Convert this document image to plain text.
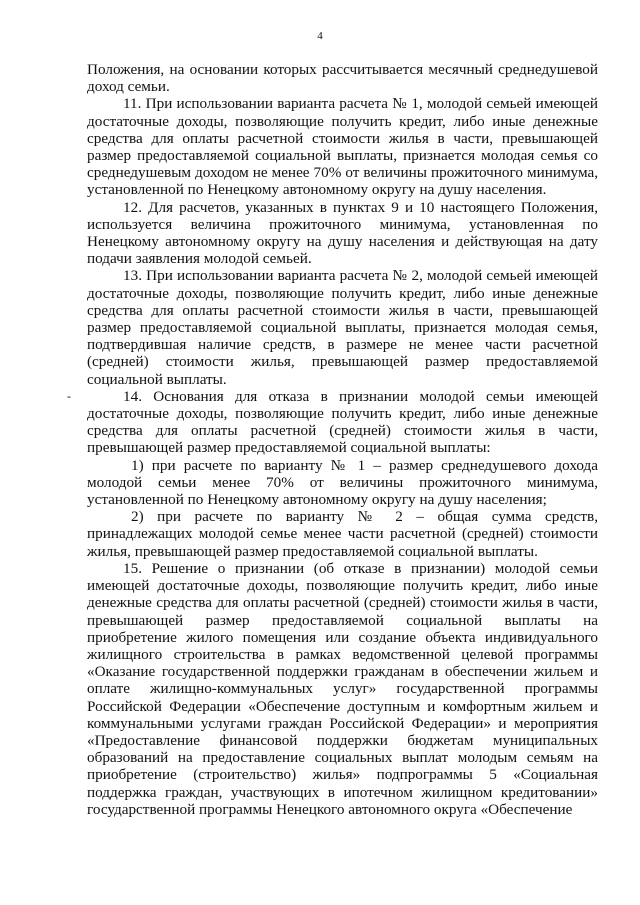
4

Положения, на основании которых рассчитывается месячный среднедушевой доход семьи.

11. При использовании варианта расчета № 1, молодой семьей имеющей достаточные доходы, позволяющие получить кредит, либо иные денежные средства для оплаты расчетной стоимости жилья в части, превышающей размер предоставляемой социальной выплаты, признается молодая семья со среднедушевым доходом не менее 70% от величины прожиточного минимума, установленной по Ненецкому автономному округу на душу населения.

12. Для расчетов, указанных в пунктах 9 и 10 настоящего Положения, используется величина прожиточного минимума, установленная по Ненецкому автономному округу на душу населения и действующая на дату подачи заявления молодой семьей.

13. При использовании варианта расчета № 2, молодой семьей имеющей достаточные доходы, позволяющие получить кредит, либо иные денежные средства для оплаты расчетной стоимости жилья в части, превышающей размер предоставляемой социальной выплаты, признается молодая семья, подтвердившая наличие средств, в размере не менее части расчетной (средней) стоимости жилья, превышающей размер предоставляемой социальной выплаты.

-	14. Основания для отказа в признании молодой семьи имеющей достаточные доходы, позволяющие получить кредит, либо иные денежные средства для оплаты расчетной (средней) стоимости жилья в части, превышающей размер предоставляемой социальной выплаты:

1) при расчете по варианту № 1 – размер среднедушевого дохода молодой семьи менее 70% от величины прожиточного минимума, установленной по Ненецкому автономному округу на душу населения;

2) при расчете по варианту № 2 – общая сумма средств, принадлежащих молодой семье менее части расчетной (средней) стоимости жилья, превышающей размер предоставляемой социальной выплаты.

15. Решение о признании (об отказе в признании) молодой семьи имеющей достаточные доходы, позволяющие получить кредит, либо иные денежные средства для оплаты расчетной (средней) стоимости жилья в части, превышающей размер предоставляемой социальной выплаты на приобретение жилого помещения или создание объекта индивидуального жилищного строительства в рамках ведомственной целевой программы «Оказание государственной поддержки гражданам в обеспечении жильем и оплате жилищно-коммунальных услуг» государственной программы Российской Федерации «Обеспечение доступным и комфортным жильем и коммунальными услугами граждан Российской Федерации» и мероприятия «Предоставление финансовой поддержки бюджетам муниципальных образований на предоставление социальных выплат молодым семьям на приобретение (строительство) жилья» подпрограммы 5 «Социальная поддержка граждан, участвующих в ипотечном жилищном кредитовании» государственной программы Ненецкого автономного округа «Обеспечение
